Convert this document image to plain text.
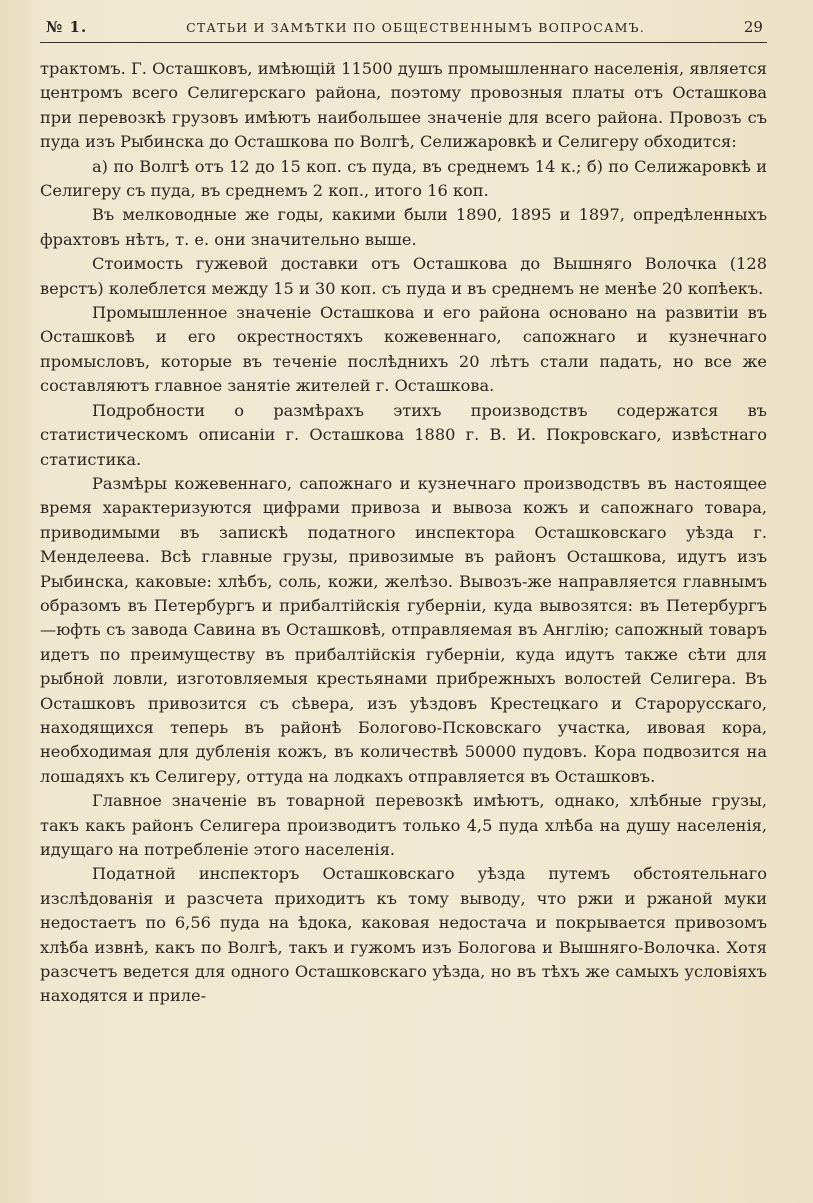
№ 1.	СТАТЬИ И ЗАМѢТКИ ПО ОБЩЕСТВЕННЫМЪ ВОПРОСАМЪ.	29

трактомъ. Г. Осташковъ, имѣющій 11500 душъ промышленнаго населенія, является центромъ всего Селигерскаго района, поэтому провозныя платы отъ Осташкова при перевозкѣ грузовъ имѣютъ наибольшее значеніе для всего района. Провозъ съ пуда изъ Рыбинска до Осташкова по Волгѣ, Селижаровкѣ и Селигеру обходится:

а) по Волгѣ отъ 12 до 15 коп. съ пуда, въ среднемъ 14 к.; б) по Селижаровкѣ и Селигеру съ пуда, въ среднемъ 2 коп., итого 16 коп.

Въ мелководные же годы, какими были 1890, 1895 и 1897, опредѣленныхъ фрахтовъ нѣтъ, т. е. они значительно выше.

Стоимость гужевой доставки отъ Осташкова до Вышняго Волочка (128 верстъ) колеблется между 15 и 30 коп. съ пуда и въ среднемъ не менѣе 20 копѣекъ.

Промышленное значеніе Осташкова и его района основано на развитіи въ Осташковѣ и его окрестностяхъ кожевеннаго, сапожнаго и кузнечнаго промысловъ, которые въ теченіе послѣднихъ 20 лѣтъ стали падать, но все же составляютъ главное занятіе жителей г. Осташкова.

Подробности о размѣрахъ этихъ производствъ содержатся въ статистическомъ описаніи г. Осташкова 1880 г. В. И. Покровскаго, извѣстнаго статистика.

Размѣры кожевеннаго, сапожнаго и кузнечнаго производствъ въ настоящее время характеризуются цифрами привоза и вывоза кожъ и сапожнаго товара, приводимыми въ запискѣ податного инспектора Осташковскаго уѣзда г. Менделеева. Всѣ главные грузы, привозимые въ районъ Осташкова, идутъ изъ Рыбинска, каковые: хлѣбъ, соль, кожи, желѣзо. Вывозъ-же направляется главнымъ образомъ въ Петербургъ и прибалтійскія губерніи, куда вывозятся: въ Петербургъ—юфть съ завода Савина въ Осташковѣ, отправляемая въ Англію; сапожный товаръ идетъ по преимуществу въ прибалтійскія губерніи, куда идутъ также сѣти для рыбной ловли, изготовляемыя крестьянами прибрежныхъ волостей Селигера. Въ Осташковъ привозится съ сѣвера, изъ уѣздовъ Крестецкаго и Старорусскаго, находящихся теперь въ районѣ Бологово-Псковскаго участка, ивовая кора, необходимая для дубленія кожъ, въ количествѣ 50000 пудовъ. Кора подвозится на лошадяхъ къ Селигеру, оттуда на лодкахъ отправляется въ Осташковъ.

Главное значеніе въ товарной перевозкѣ имѣютъ, однако, хлѣбные грузы, такъ какъ районъ Селигера производитъ только 4,5 пуда хлѣба на душу населенія, идущаго на потребленіе этого населенія.

Податной инспекторъ Осташковскаго уѣзда путемъ обстоятельнаго изслѣдованія и разсчета приходитъ къ тому выводу, что ржи и ржаной муки недостаетъ по 6,56 пуда на ѣдока, каковая недостача и покрывается привозомъ хлѣба извнѣ, какъ по Волгѣ, такъ и гужомъ изъ Бологова и Вышняго-Волочка. Хотя разсчетъ ведется для одного Осташковскаго уѣзда, но въ тѣхъ же самыхъ условіяхъ находятся и прилe-
